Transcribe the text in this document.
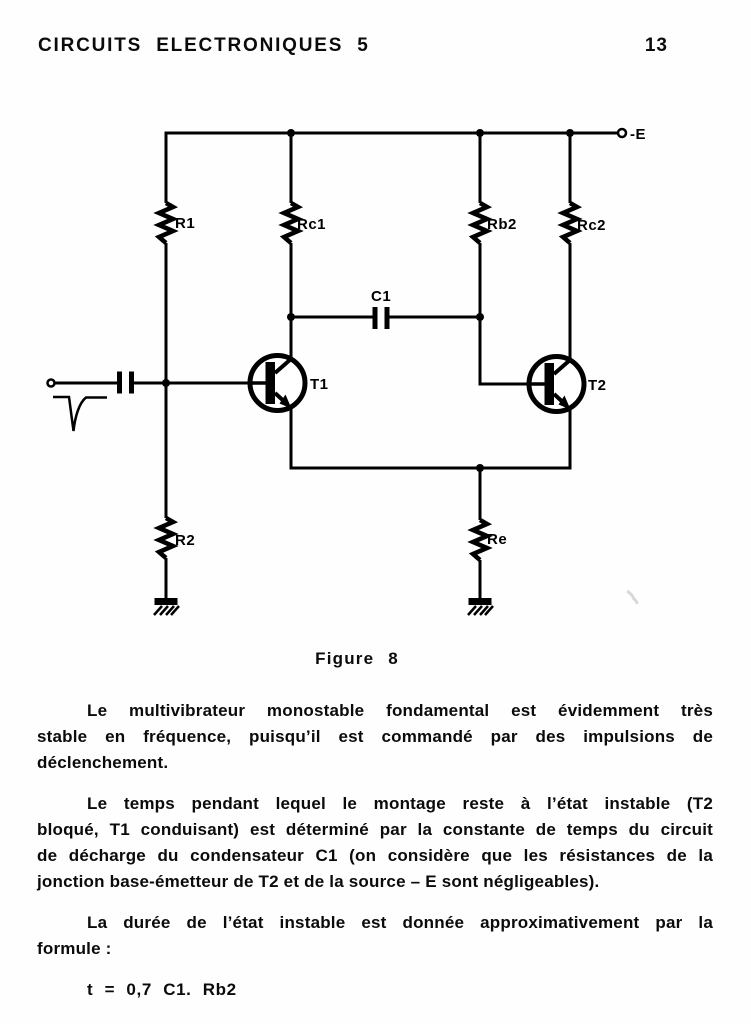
CIRCUITS ELECTRONIQUES 5	13
-E
C1
T1	T2
R1	Rc1	Rb2	Rc2
R2	Re
Figure 8
Le multivibrateur monostable fondamental est évidemment très
stable en fréquence, puisqu’il est commandé par des impulsions de
déclenchement.
Le temps pendant lequel le montage reste à l’état instable (T2
bloqué, T1 conduisant) est déterminé par la constante de temps du circuit
de décharge du condensateur C1 (on considère que les résistances de la
jonction base-émetteur de T2 et de la source – E sont négligeables).
La durée de l’état instable est donnée approximativement par la
formule :
t = 0,7 C1. Rb2
